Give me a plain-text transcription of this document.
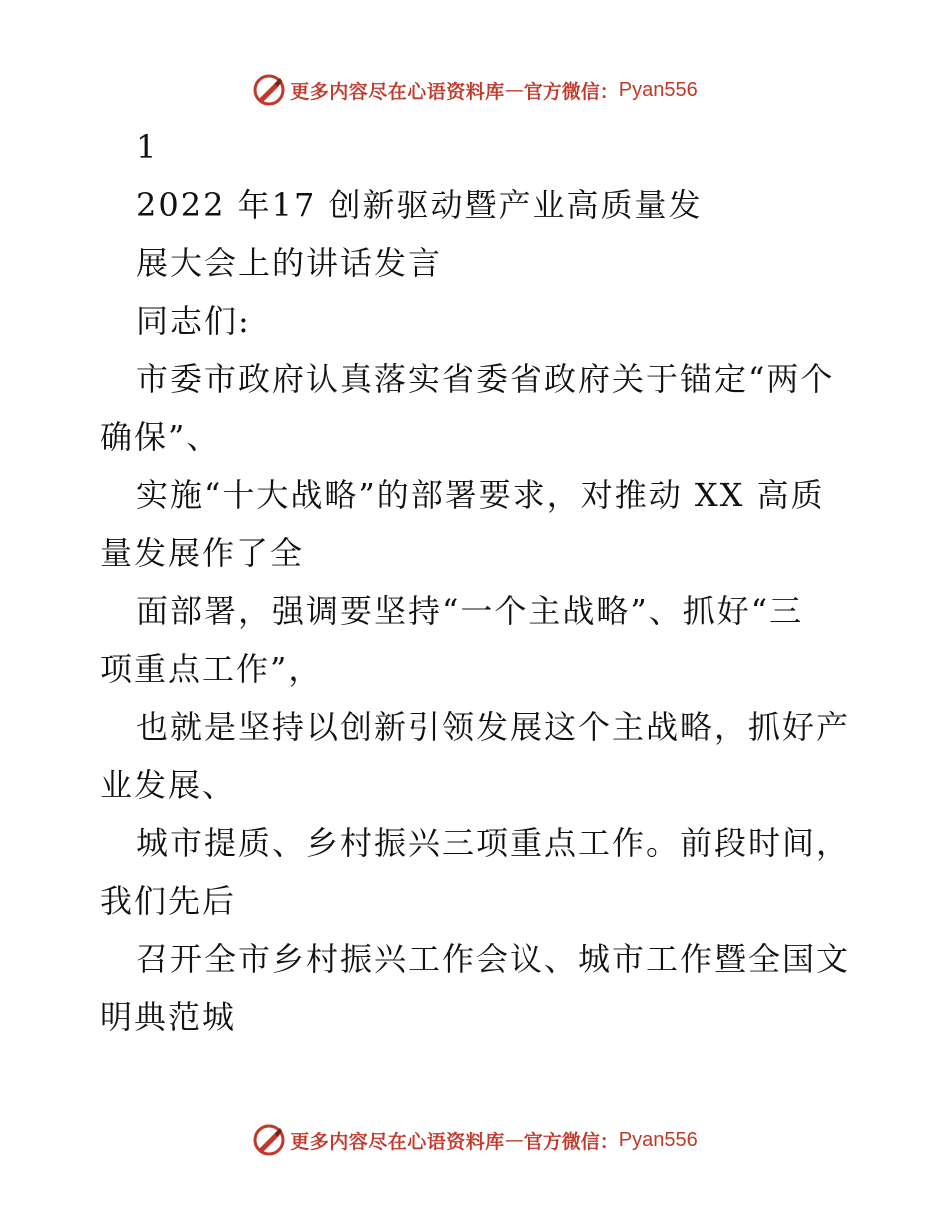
更多内容尽在心语资料库 — 官方微信： Pyan556
1
2022 年17 创新驱动暨产业高质量发
展大会上的讲话发言
同志们:
市委市政府认真落实省委省政府关于锚定“两个
确保”、
实施“十大战略”的部署要求，对推动 XX 高质
量发展作了全
面部署，强调要坚持“一个主战略”、抓好“三
项重点工作”，
也就是坚持以创新引领发展这个主战略，抓好产
业发展、
城市提质、乡村振兴三项重点工作。前段时间，
我们先后
召开全市乡村振兴工作会议、城市工作暨全国文
明典范城
更多内容尽在心语资料库 — 官方微信： Pyan556
